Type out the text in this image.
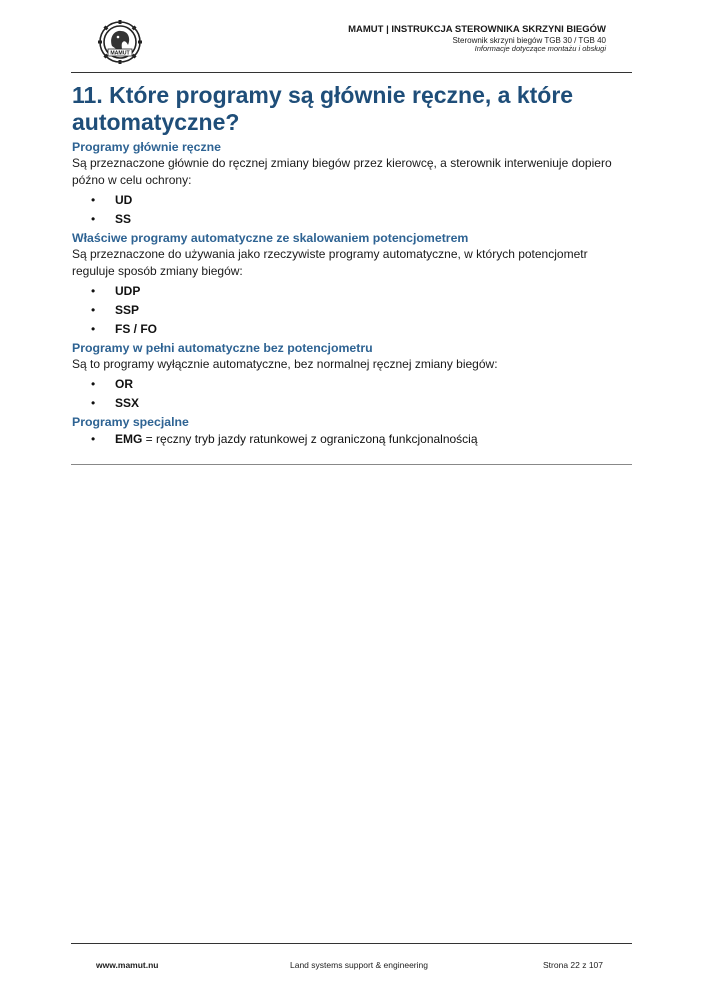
MAMUT
MAMUT | INSTRUKCJA STEROWNIKA SKRZYNI BIEGÓW
Sterownik skrzyni biegów TGB 30 / TGB 40
Informacje dotyczące montażu i obsługi
11. Które programy są głównie ręczne, a które automatyczne?
Programy głównie ręczne

Są przeznaczone głównie do ręcznej zmiany biegów przez kierowcę, a sterownik interweniuje dopiero późno w celu ochrony:

• UD
• SS
Właściwe programy automatyczne ze skalowaniem potencjometrem

Są przeznaczone do używania jako rzeczywiste programy automatyczne, w których potencjometr reguluje sposób zmiany biegów:

• UDP
• SSP
• FS / FO
Programy w pełni automatyczne bez potencjometru

Są to programy wyłącznie automatyczne, bez normalnej ręcznej zmiany biegów:

• OR
• SSX
Programy specjalne
• EMG = ręczny tryb jazdy ratunkowej z ograniczoną funkcjonalnością
www.mamut.nu	Land systems support & engineering	Strona 22 z 107
